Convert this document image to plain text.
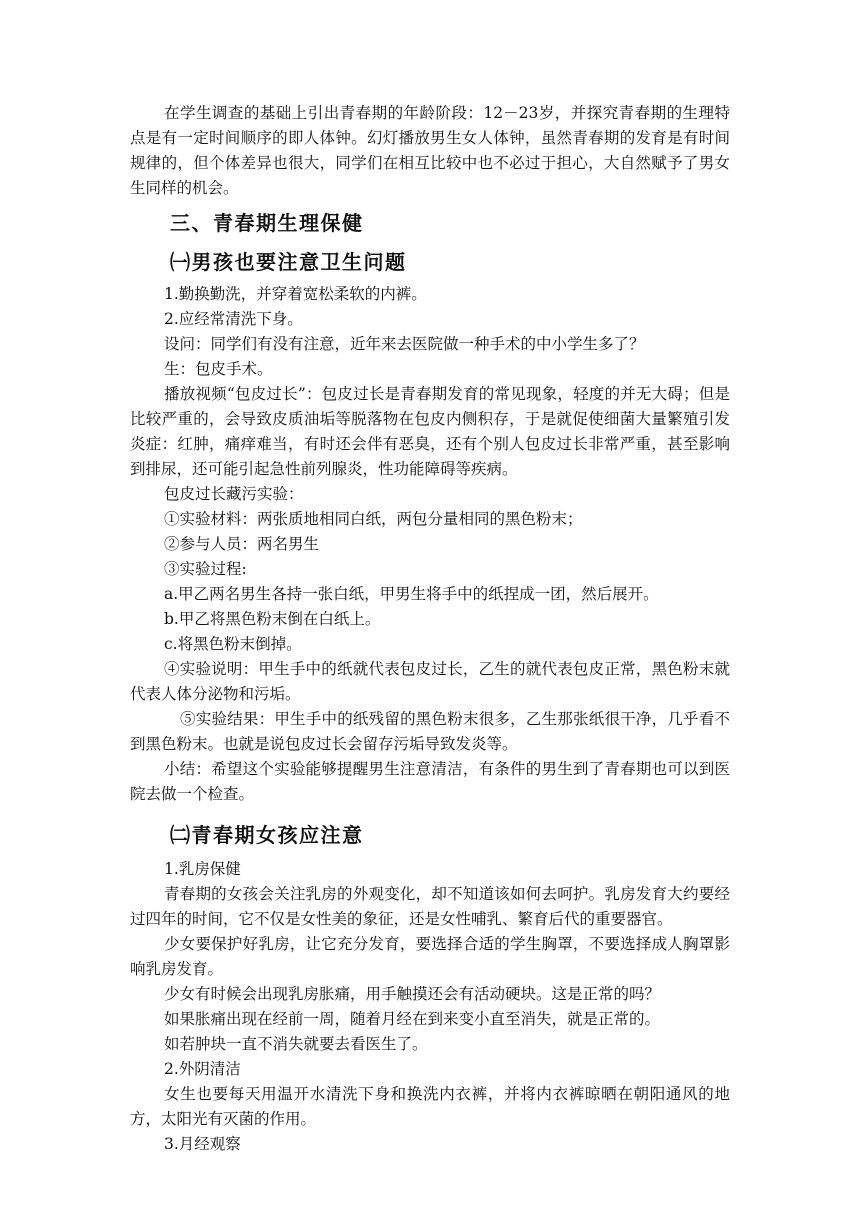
在学生调查的基础上引出青春期的年龄阶段：12－23岁，并探究青春期的生理特点是有一定时间顺序的即人体钟。幻灯播放男生女人体钟，虽然青春期的发育是有时间规律的，但个体差异也很大，同学们在相互比较中也不必过于担心，大自然赋予了男女生同样的机会。

三、青春期生理保健
㈠男孩也要注意卫生问题

1.勤换勤洗，并穿着宽松柔软的内裤。

2.应经常清洗下身。

设问：同学们有没有注意，近年来去医院做一种手术的中小学生多了？

生：包皮手术。

播放视频“包皮过长”：包皮过长是青春期发育的常见现象，轻度的并无大碍；但是比较严重的，会导致皮质油垢等脱落物在包皮内侧积存，于是就促使细菌大量繁殖引发炎症：红肿，痛痒难当，有时还会伴有恶臭，还有个别人包皮过长非常严重，甚至影响到排尿，还可能引起急性前列腺炎，性功能障碍等疾病。

包皮过长藏污实验：

①实验材料：两张质地相同白纸，两包分量相同的黑色粉末；

②参与人员：两名男生

③实验过程:

a.甲乙两名男生各持一张白纸，甲男生将手中的纸捏成一团，然后展开。

b.甲乙将黑色粉末倒在白纸上。

c.将黑色粉末倒掉。

④实验说明：甲生手中的纸就代表包皮过长，乙生的就代表包皮正常，黑色粉末就代表人体分泌物和污垢。

⑤实验结果：甲生手中的纸残留的黑色粉末很多，乙生那张纸很干净，几乎看不到黑色粉末。也就是说包皮过长会留存污垢导致发炎等。

小结：希望这个实验能够提醒男生注意清洁，有条件的男生到了青春期也可以到医院去做一个检查。

㈡青春期女孩应注意

1.乳房保健

青春期的女孩会关注乳房的外观变化，却不知道该如何去呵护。乳房发育大约要经过四年的时间，它不仅是女性美的象征，还是女性哺乳、繁育后代的重要器官。

少女要保护好乳房，让它充分发育，要选择合适的学生胸罩，不要选择成人胸罩影响乳房发育。

少女有时候会出现乳房胀痛，用手触摸还会有活动硬块。这是正常的吗？

如果胀痛出现在经前一周，随着月经在到来变小直至消失，就是正常的。

如若肿块一直不消失就要去看医生了。

2.外阴清洁

女生也要每天用温开水清洗下身和换洗内衣裤，并将内衣裤晾晒在朝阳通风的地方，太阳光有灭菌的作用。

3.月经观察
